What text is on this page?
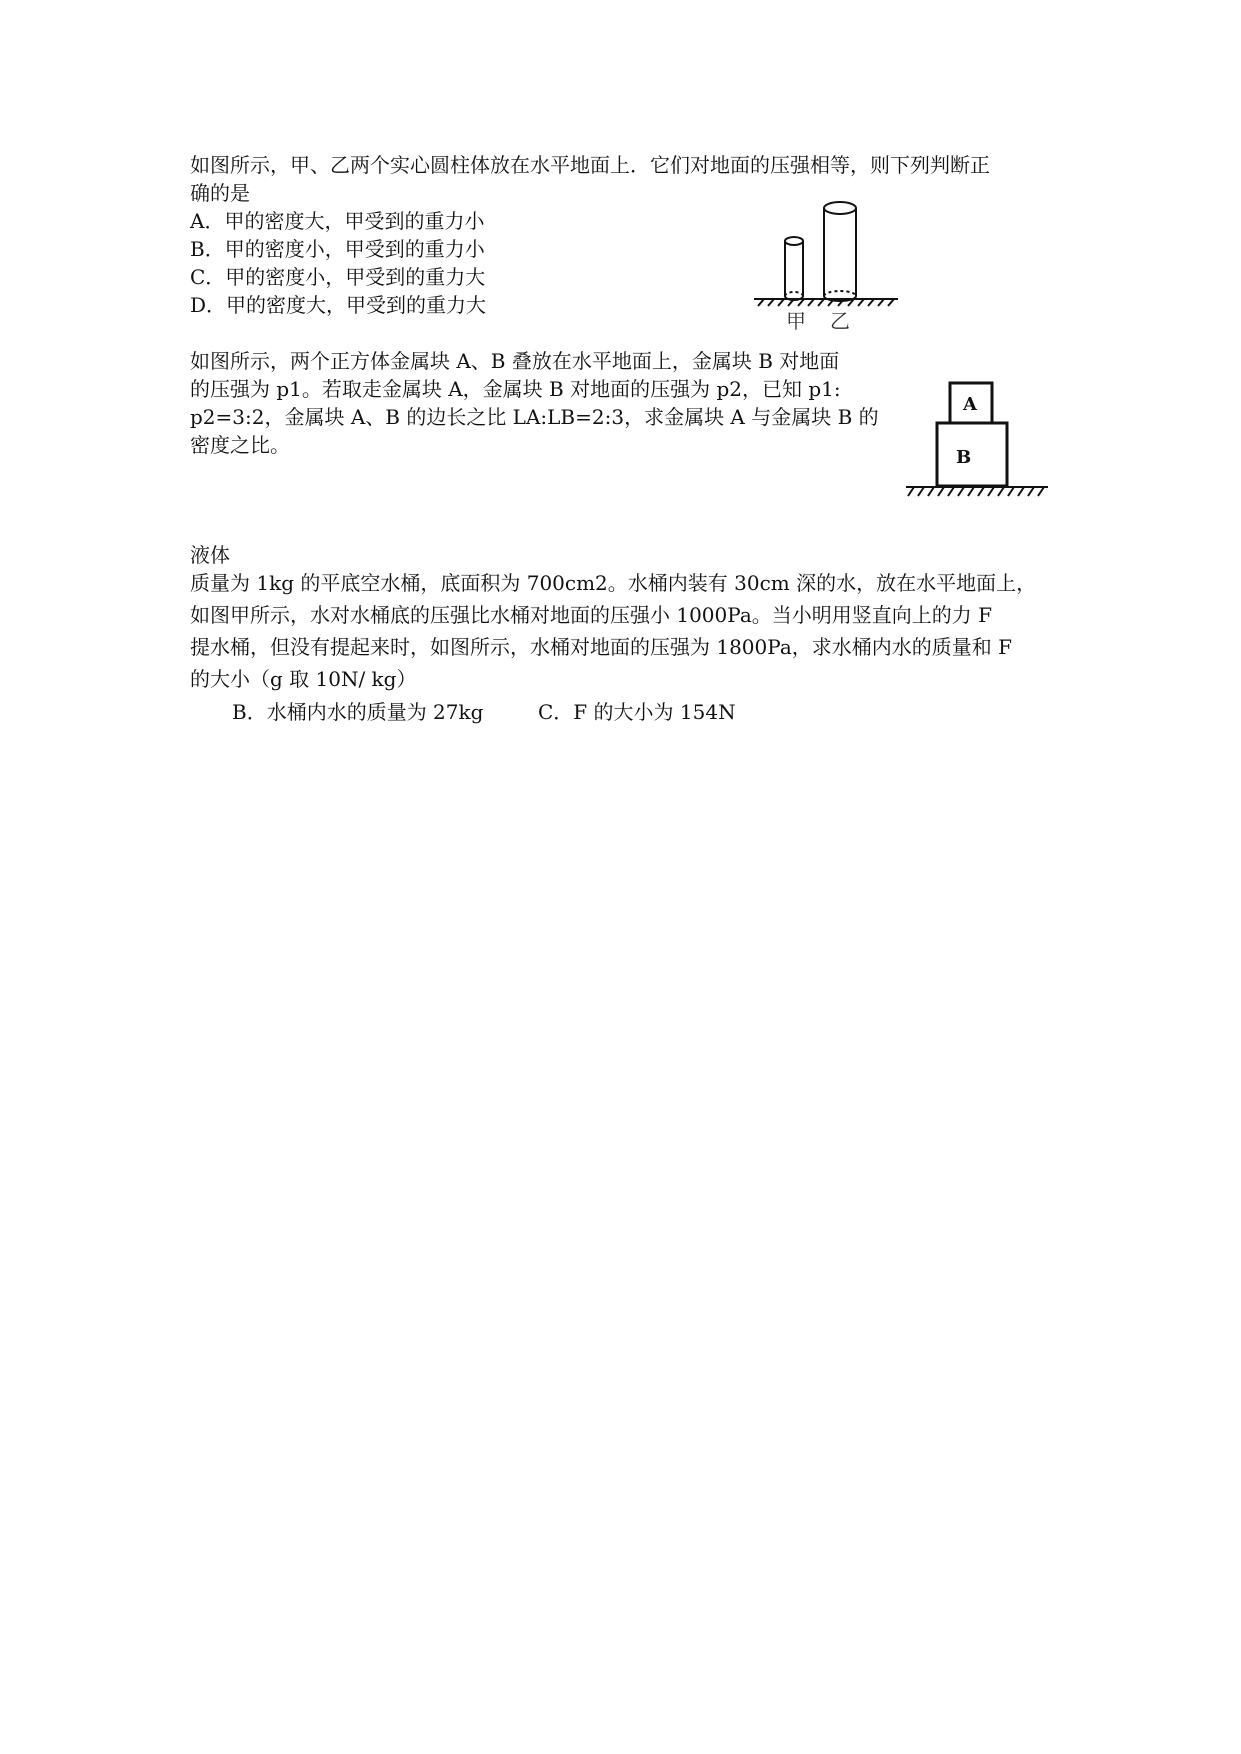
如图所示，甲、乙两个实心圆柱体放在水平地面上．它们对地面的压强相等，则下列判断正
确的是
A．甲的密度大，甲受到的重力小
B．甲的密度小，甲受到的重力小
C．甲的密度小，甲受到的重力大
D．甲的密度大，甲受到的重力大
甲 乙
如图所示，两个正方体金属块 A、B 叠放在水平地面上，金属块 B 对地面
的压强为 p1。若取走金属块 A，金属块 B 对地面的压强为 p2，已知 p1:
p2=3:2，金属块 A、B 的边长之比 LA:LB=2:3，求金属块 A 与金属块 B 的
密度之比。
A
B
液体
质量为 1kg 的平底空水桶，底面积为 700cm2。水桶内装有 30cm 深的水，放在水平地面上，
如图甲所示，水对水桶底的压强比水桶对地面的压强小 1000Pa。当小明用竖直向上的力 F
提水桶，但没有提起来时，如图所示，水桶对地面的压强为 1800Pa，求水桶内水的质量和 F
的大小（g 取 10N/ kg）
B．水桶内水的质量为 27kg	C．F 的大小为 154N
